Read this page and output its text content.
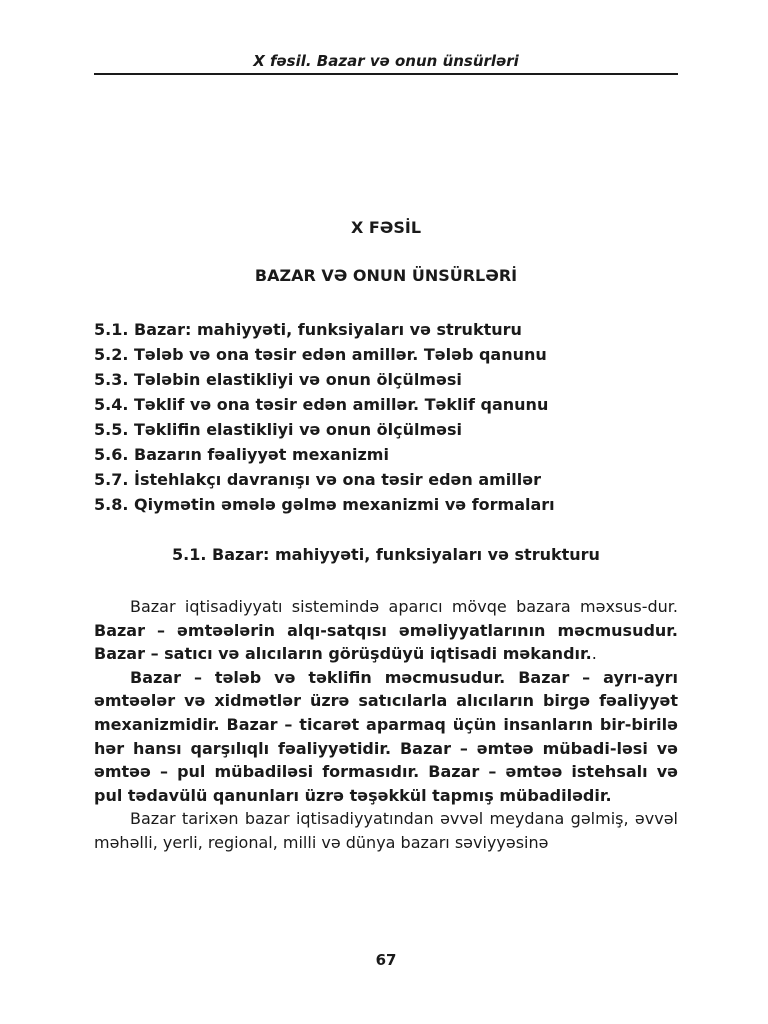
X fəsil. Bazar və onun ünsürləri
X FƏSİL
BAZAR VƏ ONUN ÜNSÜRLƏRİ
5.1. Bazar: mahiyyəti, funksiyaları və strukturu
5.2. Tələb və ona təsir edən amillər. Tələb qanunu
5.3. Tələbin elastikliyi və onun ölçülməsi
5.4. Təklif və ona təsir edən amillər. Təklif qanunu
5.5. Təklifin elastikliyi və onun ölçülməsi
5.6. Bazarın fəaliyyət mexanizmi
5.7. İstehlakçı davranışı və ona təsir edən amillər
5.8. Qiymətin əmələ gəlmə mexanizmi və formaları
5.1. Bazar: mahiyyəti, funksiyaları və strukturu

Bazar iqtisadiyyatı sistemində aparıcı mövqe bazara məxsus-dur. Bazar – əmtəələrin alqı-satqısı əməliyyatlarının məcmusudur. Bazar – satıcı və alıcıların görüşdüyü iqtisadi məkandır..

Bazar – tələb və təklifin məcmusudur. Bazar – ayrı-ayrı əmtəələr və xidmətlər üzrə satıcılarla alıcıların birgə fəaliyyət mexanizmidir. Bazar – ticarət aparmaq üçün insanların bir-birilə hər hansı qarşılıqlı fəaliyyətidir. Bazar – əmtəə mübadi-ləsi və əmtəə – pul mübadiləsi formasıdır. Bazar – əmtəə istehsalı və pul tədavülü qanunları üzrə təşəkkül tapmış mübadilədir.

Bazar tarixən bazar iqtisadiyyatından əvvəl meydana gəlmiş, əvvəl məhəlli, yerli, regional, milli və dünya bazarı səviyyəsinə

67
